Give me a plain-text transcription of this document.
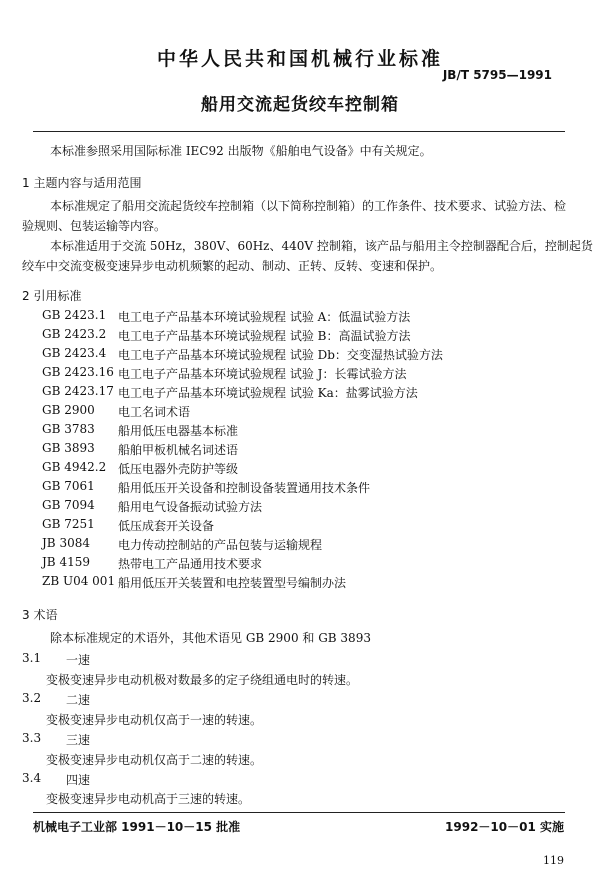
中华人民共和国机械行业标准
JB/T 5795—1991
船用交流起货绞车控制箱
本标准参照采用国际标准 IEC92 出版物《船舶电气设备》中有关规定。
1 主题内容与适用范围
本标准规定了船用交流起货绞车控制箱（以下简称控制箱）的工作条件、技术要求、试验方法、检
验规则、包装运输等内容。
本标准适用于交流 50Hz，380V、60Hz、440V 控制箱，该产品与船用主令控制器配合后，控制起货
绞车中交流变极变速异步电动机频繁的起动、制动、正转、反转、变速和保护。
2 引用标准
GB 2423.1 电工电子产品基本环境试验规程 试验 A：低温试验方法
GB 2423.2 电工电子产品基本环境试验规程 试验 B：高温试验方法
GB 2423.4 电工电子产品基本环境试验规程 试验 Db：交变湿热试验方法
GB 2423.16 电工电子产品基本环境试验规程 试验 J：长霉试验方法
GB 2423.17 电工电子产品基本环境试验规程 试验 Ka：盐雾试验方法
GB 2900 电工名词术语
GB 3783 船用低压电器基本标准
GB 3893 船舶甲板机械名词述语
GB 4942.2 低压电器外壳防护等级
GB 7061 船用低压开关设备和控制设备装置通用技术条件
GB 7094 船用电气设备振动试验方法
GB 7251 低压成套开关设备
JB 3084 电力传动控制站的产品包装与运输规程
JB 4159 热带电工产品通用技术要求
ZB U04 001 船用低压开关装置和电控装置型号编制办法
3 术语
除本标准规定的术语外，其他术语见 GB 2900 和 GB 3893
3.1 一速
变极变速异步电动机极对数最多的定子绕组通电时的转速。
3.2 二速
变极变速异步电动机仅高于一速的转速。
3.3 三速
变极变速异步电动机仅高于二速的转速。
3.4 四速
变极变速异步电动机高于三速的转速。
机械电子工业部 1991－10－15 批准	1992－10－01 实施
119
